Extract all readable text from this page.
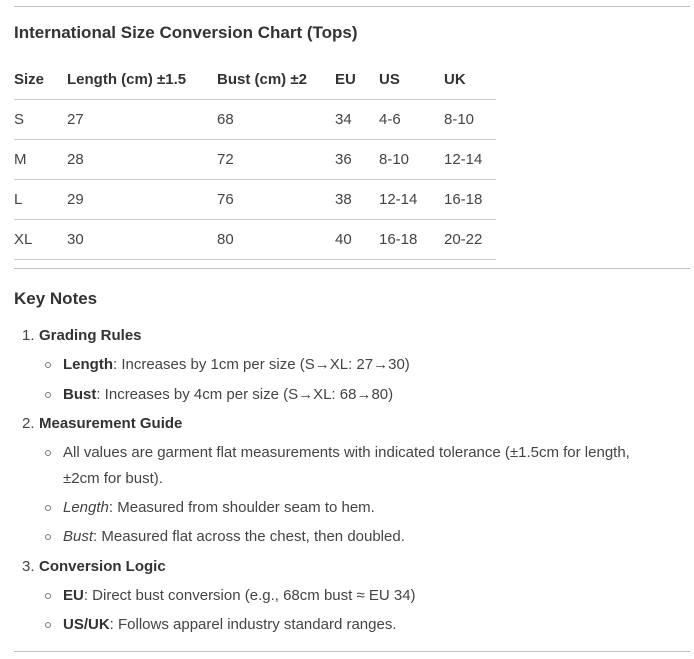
International Size Conversion Chart (Tops)
Size	Length (cm) ±1.5	Bust (cm) ±2	EU	US	UK
S	27	68	34	4-6	8-10
M	28	72	36	8-10	12-14
L	29	76	38	12-14	16-18
XL	30	80	40	16-18	20-22
Key Notes
1. Grading Rules
Length: Increases by 1cm per size (S→XL: 27→30)
Bust: Increases by 4cm per size (S→XL: 68→80)
2. Measurement Guide
All values are garment flat measurements with indicated tolerance (±1.5cm for length,
±2cm for bust).
Length: Measured from shoulder seam to hem.
Bust: Measured flat across the chest, then doubled.
3. Conversion Logic
EU: Direct bust conversion (e.g., 68cm bust ≈ EU 34)
US/UK: Follows apparel industry standard ranges.
